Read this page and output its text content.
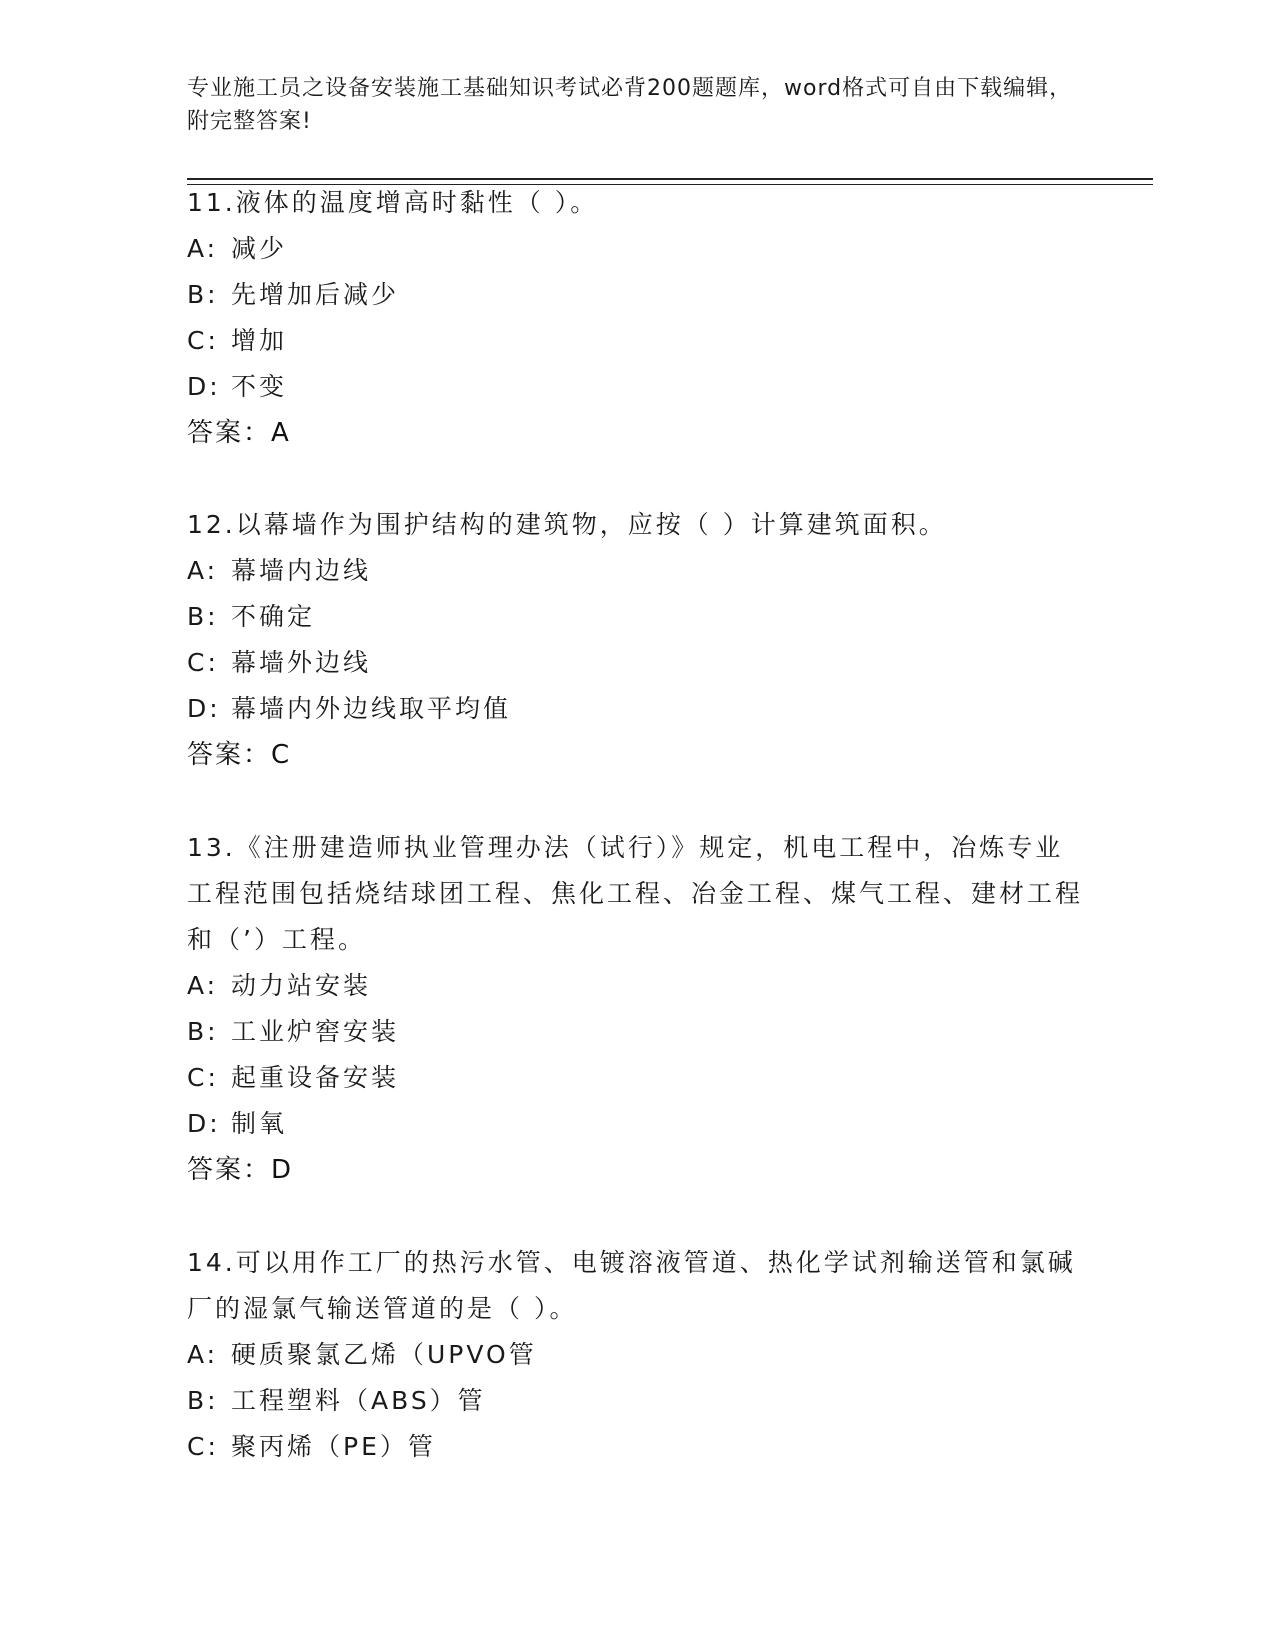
专业施工员之设备安装施工基础知识考试必背200题题库，word格式可自由下载编辑，附完整答案!
11.液体的温度增高时黏性（ ）。
A: 减少
B: 先增加后减少
C: 增加
D: 不变
答案：A
12.以幕墙作为围护结构的建筑物，应按（ ）计算建筑面积。
A: 幕墙内边线
B: 不确定
C: 幕墙外边线
D: 幕墙内外边线取平均值
答案：C
13.《注册建造师执业管理办法（试行）》规定，机电工程中，冶炼专业工程范围包括烧结球团工程、焦化工程、冶金工程、煤气工程、建材工程和（’）工程。
A: 动力站安装
B: 工业炉窖安装
C: 起重设备安装
D: 制氧
答案：D
14.可以用作工厂的热污水管、电镀溶液管道、热化学试剂输送管和氯碱厂的湿氯气输送管道的是（ ）。
A: 硬质聚氯乙烯（UPVO管
B: 工程塑料（ABS）管
C: 聚丙烯（PE）管
